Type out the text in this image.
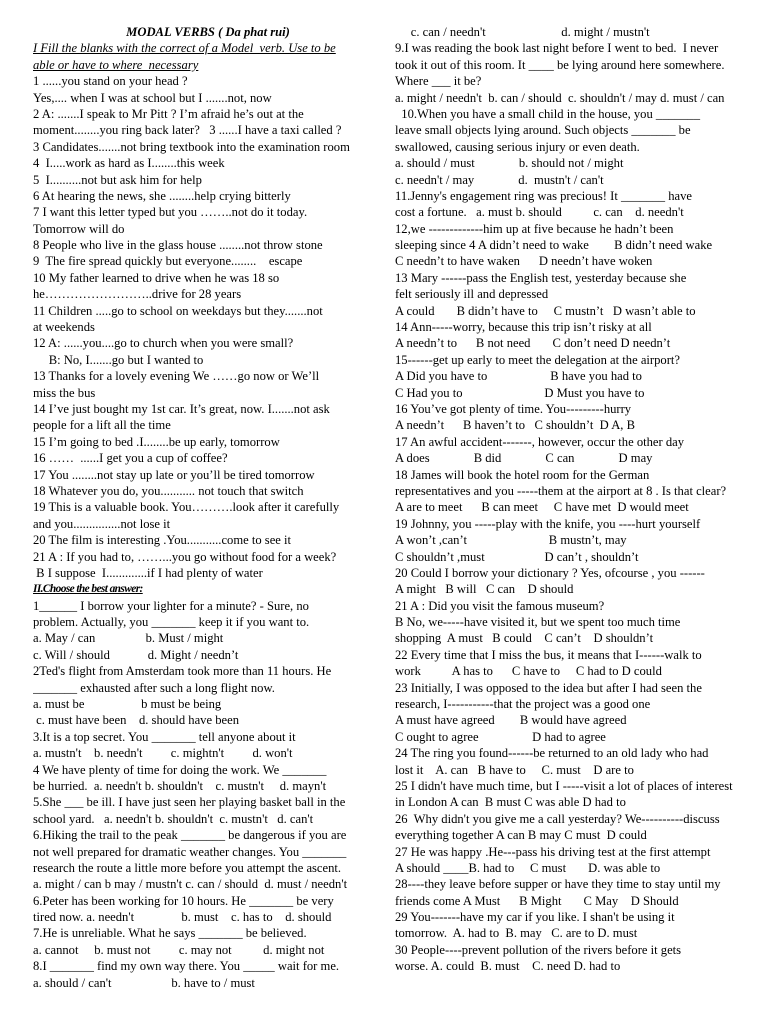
MODAL VERBS ( Da phat rui)
I Fill the blanks with the correct of a Model  verb. Use to be
able or have to where  necessary
1 ......you stand on your head ?
Yes,.... when I was at school but I .......not, now
2 A: .......I speak to Mr Pitt ? I’m afraid he’s out at the
moment........you ring back later?   3 ......I have a taxi called ?
3 Candidates.......not bring textbook into the examination room
4  I.....work as hard as I........this week
5  I..........not but ask him for help
6 At hearing the news, she ........help crying bitterly
7 I want this letter typed but you ……..not do it today.
Tomorrow will do
8 People who live in the glass house ........not throw stone
9  The fire spread quickly but everyone........    escape
10 My father learned to drive when he was 18 so
he……………………..drive for 28 years
11 Children .....go to school on weekdays but they.......not
at weekends
12 A: ......you....go to church when you were small?
B: No, I.......go but I wanted to
13 Thanks for a lovely evening We ……go now or We’ll
miss the bus
14 I’ve just bought my 1st car. It’s great, now. I.......not ask
people for a lift all the time
15 I’m going to bed .I........be up early, tomorrow
16 ……  ......I get you a cup of coffee?
17 You ........not stay up late or you’ll be tired tomorrow
18 Whatever you do, you........... not touch that switch
19 This is a valuable book. You……….look after it carefully
and you...............not lose it
20 The film is interesting .You...........come to see it
21 A : If you had to, ……...you go without food for a week?
B I suppose  I.............if I had plenty of water
II.Choose the best answer:
1______ I borrow your lighter for a minute? - Sure, no
problem. Actually, you _______ keep it if you want to.
a. May / can                b. Must / might
c. Will / should            d. Might / needn’t
2Ted's flight from Amsterdam took more than 11 hours. He
_______ exhausted after such a long flight now.
a. must be                  b must be being
c. must have been    d. should have been
3.It is a top secret. You _______ tell anyone about it
a. mustn't    b. needn't         c. mightn't         d. won't
4 We have plenty of time for doing the work. We _______
be hurried.  a. needn't b. shouldn't    c. mustn't     d. mayn't
5.She ___ be ill. I have just seen her playing basket ball in the
school yard.   a. needn't b. shouldn't  c. mustn't   d. can't
6.Hiking the trail to the peak _______ be dangerous if you are
not well prepared for dramatic weather changes. You _______
research the route a little more before you attempt the ascent.
a. might / can b may / mustn't c. can / should  d. must / needn't
6.Peter has been working for 10 hours. He _______ be very
tired now. a. needn't               b. must    c. has to    d. should
7.He is unreliable. What he says _______ be believed.
a. cannot     b. must not         c. may not          d. might not
8.I _______ find my own way there. You _____ wait for me.
a. should / can't                   b. have to / must
c. can / needn't                        d. might / mustn't
9.I was reading the book last night before I went to bed.  I never
took it out of this room. It ____ be lying around here somewhere.
Where ___ it be?
a. might / needn't  b. can / should  c. shouldn't / may d. must / can
10.When you have a small child in the house, you _______
leave small objects lying around. Such objects _______ be
swallowed, causing serious injury or even death.
a. should / must              b. should not / might
c. needn't / may              d.  mustn't / can't
11.Jenny's engagement ring was precious! It _______ have
cost a fortune.   a. must b. should          c. can    d. needn't
12,we -------------him up at five because he hadn’t been
sleeping since 4 A didn’t need to wake        B didn’t need wake
C needn’t to have waken      D needn’t have woken
13 Mary ------pass the English test, yesterday because she
felt seriously ill and depressed
A could       B didn’t have to     C mustn’t   D wasn’t able to
14 Ann-----worry, because this trip isn’t risky at all
A needn’t to      B not need       C don’t need D needn’t
15------get up early to meet the delegation at the airport?
A Did you have to                    B have you had to
C Had you to                          D Must you have to
16 You’ve got plenty of time. You---------hurry
A needn’t      B haven’t to   C shouldn’t  D A, B
17 An awful accident-------, however, occur the other day
A does              B did              C can              D may
18 James will book the hotel room for the German
representatives and you -----them at the airport at 8 . Is that clear?
A are to meet      B can meet     C have met  D would meet
19 Johnny, you -----play with the knife, you ----hurt yourself
A won’t ,can’t                          B mustn’t, may
C shouldn’t ,must                   D can’t , shouldn’t
20 Could I borrow your dictionary ? Yes, ofcourse , you ------
A might   B will   C can    D should
21 A : Did you visit the famous museum?
B No, we-----have visited it, but we spent too much time
shopping  A must   B could    C can’t    D shouldn’t
22 Every time that I miss the bus, it means that I------walk to
work          A has to      C have to     C had to D could
23 Initially, I was opposed to the idea but after I had seen the
research, I-----------that the project was a good one
A must have agreed        B would have agreed
C ought to agree                 D had to agree
24 The ring you found------be returned to an old lady who had
lost it    A. can   B have to     C. must    D are to
25 I didn't have much time, but I -----visit a lot of places of interest
in London A can  B must C was able D had to
26  Why didn't you give me a call yesterday? We----------discuss
everything together A can B may C must  D could
27 He was happy .He---pass his driving test at the first attempt
A should ____B. had to     C must       D. was able to
28----they leave before supper or have they time to stay until my
friends come A Must      B Might       C May    D Should
29 You-------have my car if you like. I shan't be using it
tomorrow.  A. had to  B. may   C. are to D. must
30 People----prevent pollution of the rivers before it gets
worse. A. could  B. must    C. need D. had to
